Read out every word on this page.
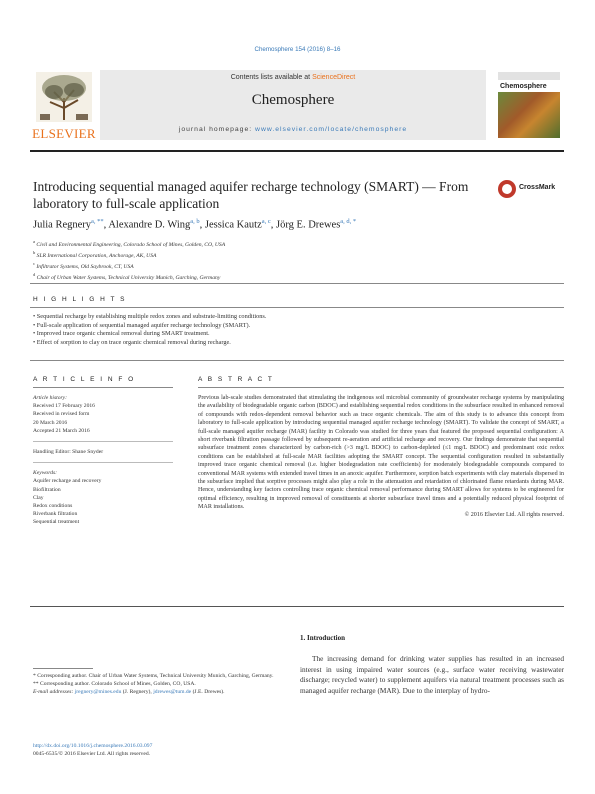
Chemosphere 154 (2016) 8–16
ELSEVIER
Contents lists available at ScienceDirect
Chemosphere
journal homepage: www.elsevier.com/locate/chemosphere
Chemosphere
Introducing sequential managed aquifer recharge technology (SMART) — From laboratory to full-scale application
CrossMark
Julia Regnery$^{a, **}$, Alexandre D. Wing$^{a, b}$, Jessica Kautz$^{a, c}$, Jörg E. Drewes$^{a, d, *}$
$^a$ Civil and Environmental Engineering, Colorado School of Mines, Golden, CO, USA
$^b$ SLR International Corporation, Anchorage, AK, USA
$^c$ Infiltrator Systems, Old Saybrook, CT, USA
$^d$ Chair of Urban Water Systems, Technical University Munich, Garching, Germany
H I G H L I G H T S
• Sequential recharge by establishing multiple redox zones and substrate-limiting conditions.
• Full-scale application of sequential managed aquifer recharge technology (SMART).
• Improved trace organic chemical removal during SMART treatment.
• Effect of sorption to clay on trace organic chemical removal during recharge.
A R T I C L E I N F O
Article history:
Received 17 February 2016
Received in revised form
20 March 2016
Accepted 21 March 2016
Handling Editor: Shane Snyder
Keywords:
Aquifer recharge and recovery
Biofiltration
Clay
Redox conditions
Riverbank filtration
Sequential treatment
A B S T R A C T
Previous lab-scale studies demonstrated that stimulating the indigenous soil microbial community of groundwater recharge systems by manipulating the availability of biodegradable organic carbon (BDOC) and establishing sequential redox conditions in the subsurface resulted in enhanced removal of compounds with redox-dependent removal behavior such as trace organic chemicals. The aim of this study is to advance this concept from laboratory to full-scale application by introducing sequential managed aquifer recharge technology (SMART). To validate the concept of SMART, a full-scale managed aquifer recharge (MAR) facility in Colorado was studied for three years that featured the proposed sequential configuration: A short riverbank filtration passage followed by subsequent re-aeration and artificial recharge and recovery. Our findings demonstrate that sequential subsurface treatment zones characterized by carbon-rich (>3 mg/L BDOC) to carbon-depleted (≤1 mg/L BDOC) and predominant oxic redox conditions can be established at full-scale MAR facilities adopting the SMART concept. The sequential configuration resulted in substantially improved trace organic chemical removal (i.e. higher biodegradation rate coefficients) for moderately biodegradable compounds compared to conventional MAR systems with extended travel times in an anoxic aquifer. Furthermore, sorption batch experiments with clay materials dispersed in the subsurface implied that sorptive processes might also play a role in the attenuation and retardation of chlorinated flame retardants during MAR. Hence, understanding key factors controlling trace organic chemical removal performance during SMART allows for systems to be engineered for optimal efficiency, resulting in improved removal of constituents at shorter subsurface travel times and a potentially reduced physical footprint of MAR installations.
© 2016 Elsevier Ltd. All rights reserved.
1. Introduction
The increasing demand for drinking water supplies has resulted in an increased interest in using impaired water sources (e.g., surface water receiving wastewater discharge; recycled water) to supplement aquifers via natural treatment processes such as managed aquifer recharge (MAR). Due to the interplay of hydro-
* Corresponding author. Chair of Urban Water Systems, Technical University Munich, Garching, Germany.
** Corresponding author. Colorado School of Mines, Golden, CO, USA.
E-mail addresses: jregnery@mines.edu (J. Regnery), jdrewes@tum.de (J.E. Drewes).
http://dx.doi.org/10.1016/j.chemosphere.2016.03.097
0045-6535/© 2016 Elsevier Ltd. All rights reserved.
